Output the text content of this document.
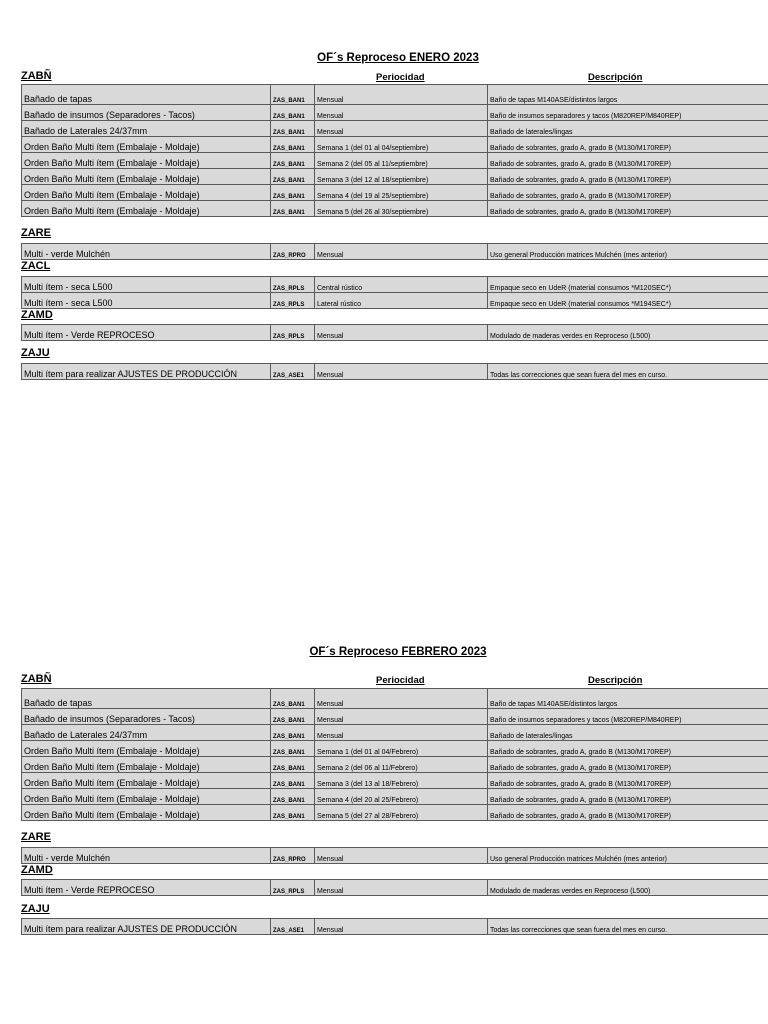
OF´s Reproceso ENERO 2023
ZABÑ	Periocidad	Descripción
Bañado de tapas	ZAS_BAN1	Mensual	Baño de tapas M140ASE/distintos largos
Bañado de insumos (Separadores - Tacos)	ZAS_BAN1	Mensual	Baño de insumos separadores y tacos (M820REP/M840REP)
Bañado de Laterales 24/37mm	ZAS_BAN1	Mensual	Bañado de laterales/lingas
Orden Baño Multi ítem (Embalaje - Moldaje)	ZAS_BAN1	Semana 1 (del 01 al 04/septiembre)	Bañado de sobrantes, grado A, grado B (M130/M170REP)
Orden Baño Multi ítem (Embalaje - Moldaje)	ZAS_BAN1	Semana 2 (del 05 al 11/septiembre)	Bañado de sobrantes, grado A, grado B (M130/M170REP)
Orden Baño Multi ítem (Embalaje - Moldaje)	ZAS_BAN1	Semana 3 (del 12 al 18/septiembre)	Bañado de sobrantes, grado A, grado B (M130/M170REP)
Orden Baño Multi ítem (Embalaje - Moldaje)	ZAS_BAN1	Semana 4 (del 19 al 25/septiembre)	Bañado de sobrantes, grado A, grado B (M130/M170REP)
Orden Baño Multi ítem (Embalaje - Moldaje)	ZAS_BAN1	Semana 5 (del 26 al 30/septiembre)	Bañado de sobrantes, grado A, grado B (M130/M170REP)
ZARE
Multi - verde Mulchén	ZAS_RPRO	Mensual	Uso general Producción matrices Mulchén (mes anterior)
ZACL
Multi ítem - seca L500	ZAS_RPLS	Central rústico	Empaque seco en UdeR (material consumos *M120SEC*)
Multi ítem - seca L500	ZAS_RPLS	Lateral rústico	Empaque seco en UdeR (material consumos *M194SEC*)
ZAMD
Multi ítem - Verde REPROCESO	ZAS_RPLS	Mensual	Modulado de maderas verdes en Reproceso (L500)
ZAJU
Multi ítem para realizar AJUSTES DE PRODUCCIÓN	ZAS_ASE1	Mensual	Todas las correcciones que sean fuera del mes en curso.
OF´s Reproceso FEBRERO 2023
ZABÑ	Periocidad	Descripción
Bañado de tapas	ZAS_BAN1	Mensual	Baño de tapas M140ASE/distintos largos
Bañado de insumos (Separadores - Tacos)	ZAS_BAN1	Mensual	Baño de insumos separadores y tacos (M820REP/M840REP)
Bañado de Laterales 24/37mm	ZAS_BAN1	Mensual	Bañado de laterales/lingas
Orden Baño Multi ítem (Embalaje - Moldaje)	ZAS_BAN1	Semana 1 (del 01 al 04/Febrero)	Bañado de sobrantes, grado A, grado B (M130/M170REP)
Orden Baño Multi ítem (Embalaje - Moldaje)	ZAS_BAN1	Semana 2 (del 06 al 11/Febrero)	Bañado de sobrantes, grado A, grado B (M130/M170REP)
Orden Baño Multi ítem (Embalaje - Moldaje)	ZAS_BAN1	Semana 3 (del 13 al 18/Febrero)	Bañado de sobrantes, grado A, grado B (M130/M170REP)
Orden Baño Multi ítem (Embalaje - Moldaje)	ZAS_BAN1	Semana 4 (del 20 al 25/Febrero)	Bañado de sobrantes, grado A, grado B (M130/M170REP)
Orden Baño Multi ítem (Embalaje - Moldaje)	ZAS_BAN1	Semana 5 (del 27 al 28/Febrero)	Bañado de sobrantes, grado A, grado B (M130/M170REP)
ZARE
Multi - verde Mulchén	ZAS_RPRO	Mensual	Uso general Producción matrices Mulchén (mes anterior)
ZAMD
Multi ítem - Verde REPROCESO	ZAS_RPLS	Mensual	Modulado de maderas verdes en Reproceso (L500)
ZAJU
Multi ítem para realizar AJUSTES DE PRODUCCIÓN	ZAS_ASE1	Mensual	Todas las correcciones que sean fuera del mes en curso.
